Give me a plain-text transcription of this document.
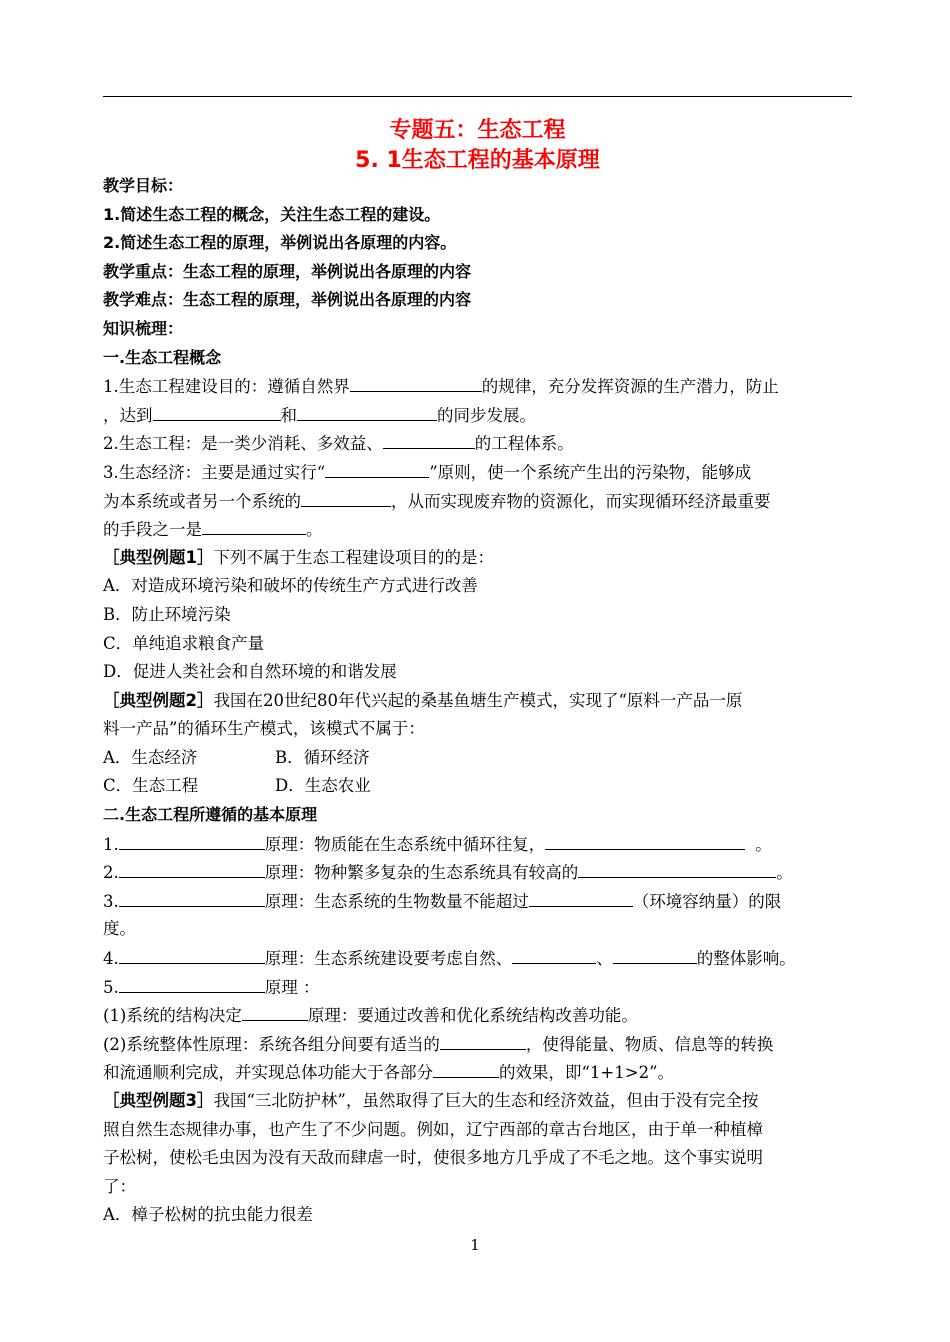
专题五：生态工程
5. 1生态工程的基本原理
教学目标：
1.简述生态工程的概念，关注生态工程的建设。
2.简述生态工程的原理，举例说出各原理的内容。
教学重点：生态工程的原理，举例说出各原理的内容
教学难点：生态工程的原理，举例说出各原理的内容
知识梳理：
一.生态工程概念
1.生态工程建设目的：遵循自然界	的规律，充分发挥资源的生产潜力，防止
，达到	和	的同步发展。
2.生态工程：是一类少消耗、多效益、	的工程体系。
3.生态经济：主要是通过实行“	”原则，使一个系统产生出的污染物，能够成
为本系统或者另一个系统的	，从而实现废弃物的资源化，而实现循环经济最重要
的手段之一是	。
［典型例题1］下列不属于生态工程建设项目的的是：
A．对造成环境污染和破坏的传统生产方式进行改善
B．防止环境污染
C．单纯追求粮食产量
D．促进人类社会和自然环境的和谐发展
［典型例题2］我国在20世纪80年代兴起的桑基鱼塘生产模式，实现了“原料一产品一原
料一产品”的循环生产模式，该模式不属于：
A．生态经济	B．循环经济
C．生态工程	D．生态农业
二.生态工程所遵循的基本原理
1.	原理：物质能在生态系统中循环往复，	。
2.	原理：物种繁多复杂的生态系统具有较高的	。
3.	原理：生态系统的生物数量不能超过	（环境容纳量）的限
度。
4.	原理：生态系统建设要考虑自然、	、	的整体影响。
5.	原理 ：
(1)系统的结构决定	原理：要通过改善和优化系统结构改善功能。
(2)系统整体性原理：系统各组分间要有适当的	，使得能量、物质、信息等的转换
和流通顺利完成，并实现总体功能大于各部分	的效果，即“1+1>2”。
［典型例题3］我国“三北防护林”，虽然取得了巨大的生态和经济效益，但由于没有完全按
照自然生态规律办事，也产生了不少问题。例如，辽宁西部的章古台地区，由于单一种植樟
子松树，使松毛虫因为没有天敌而肆虐一时，使很多地方几乎成了不毛之地。这个事实说明
了：
A．樟子松树的抗虫能力很差
1
